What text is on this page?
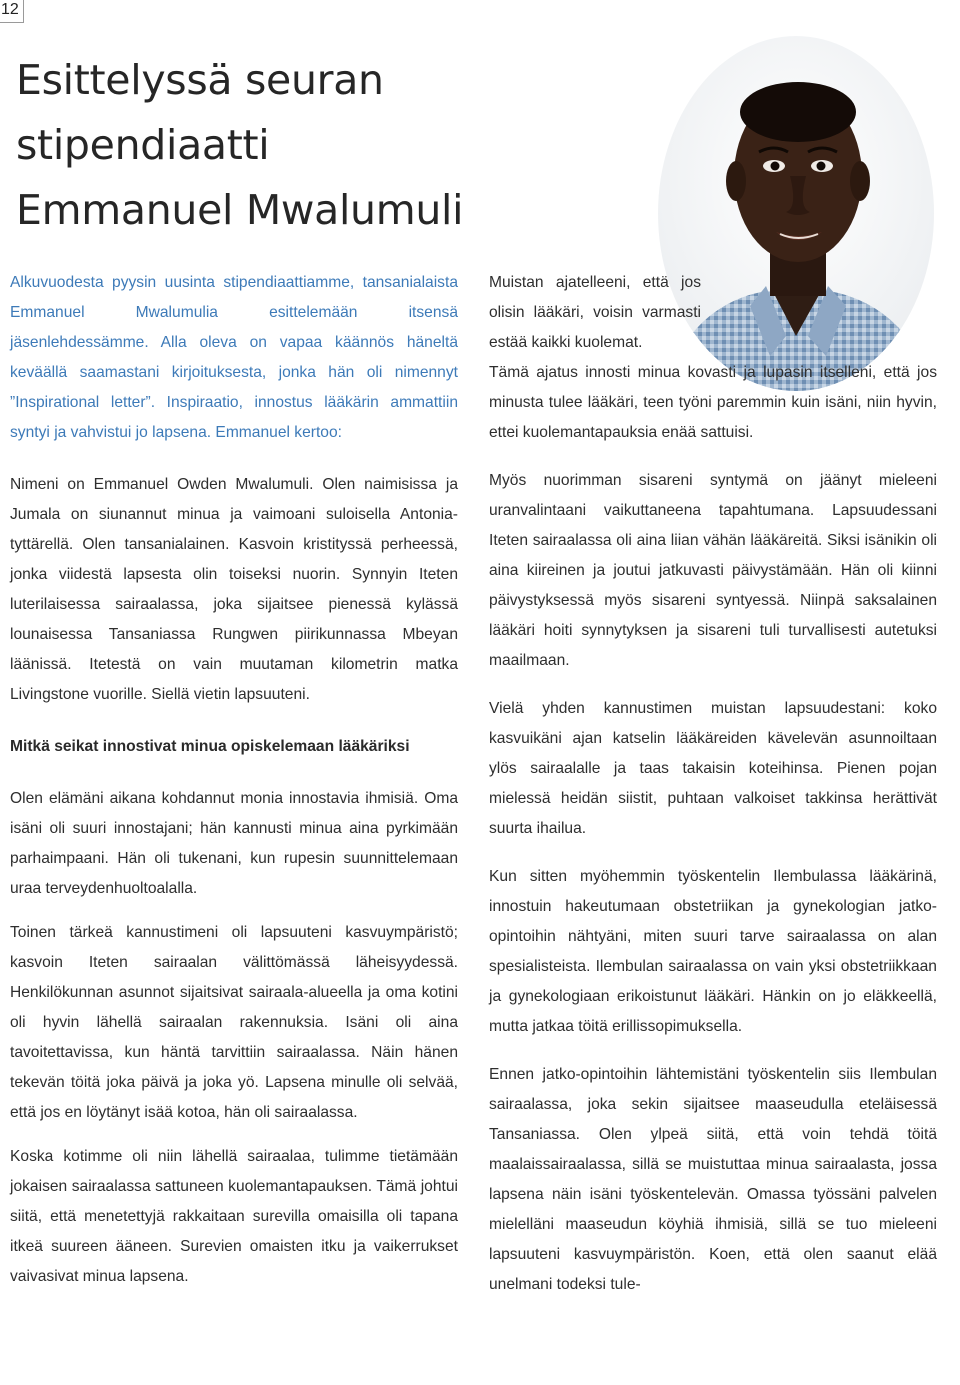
12
Esittelyssä seuran
stipendiaatti
Emmanuel Mwalumuli

Alkuvuodesta pyysin uusinta stipendiaattiamme, tansanialaista Emmanuel Mwalumulia esittelemään itsensä jäsenlehdessämme. Alla oleva on vapaa käännös häneltä keväällä saamastani kirjoituksesta, jonka hän oli nimennyt ”Inspirational letter”. Inspiraatio, innostus lääkärin ammattiin syntyi ja vahvistui jo lapsena. Emmanuel kertoo:

Nimeni on Emmanuel Owden Mwalumuli. Olen naimisissa ja Jumala on siunannut minua ja vaimoani suloisella Antonia-tyttärellä. Olen tansanialainen. Kasvoin kristityssä perheessä, jonka viidestä lapsesta olin toiseksi nuorin. Synnyin Iteten luterilaisessa sairaalassa, joka sijaitsee pienessä kylässä lounaisessa Tansaniassa Rungwen piirikunnassa Mbeyan läänissä. Itetestä on vain muutaman kilometrin matka Livingstone vuorille. Siellä vietin lapsuuteni.

Mitkä seikat innostivat minua opiskelemaan lääkäriksi

Olen elämäni aikana kohdannut monia innostavia ihmisiä. Oma isäni oli suuri innostajani; hän kannusti minua aina pyrkimään parhaimpaani. Hän oli tukenani, kun rupesin suunnittelemaan uraa terveydenhuoltoalalla.

Toinen tärkeä kannustimeni oli lapsuuteni kasvuympäristö; kasvoin Iteten sairaalan välittömässä läheisyydessä. Henkilökunnan asunnot sijaitsivat sairaala-alueella ja oma kotini oli hyvin lähellä sairaalan rakennuksia. Isäni oli aina tavoitettavissa, kun häntä tarvittiin sairaalassa. Näin hänen tekevän töitä joka päivä ja joka yö. Lapsena minulle oli selvää, että jos en löytänyt isää kotoa, hän oli sairaalassa.

Koska kotimme oli niin lähellä sairaalaa, tulimme tietämään jokaisen sairaalassa sattuneen kuolemantapauksen. Tämä johtui siitä, että menetettyjä rakkaitaan surevilla omaisilla oli tapana itkeä suureen ääneen. Surevien omaisten itku ja vaikerrukset vaivasivat minua lapsena.

Muistan ajatelleeni, että jos olisin lääkäri, voisin varmasti estää kaikki kuolemat.

Tämä ajatus innosti minua kovasti ja lupasin itselleni, että jos minusta tulee lääkäri, teen työni paremmin kuin isäni, niin hyvin, ettei kuolemantapauksia enää sattuisi.

Myös nuorimman sisareni syntymä on jäänyt mieleeni uranvalintaani vaikuttaneena tapahtumana. Lapsuudessani Iteten sairaalassa oli aina liian vähän lääkäreitä. Siksi isänikin oli aina kiireinen ja joutui jatkuvasti päivystämään. Hän oli kiinni päivystyksessä myös sisareni syntyessä. Niinpä saksalainen lääkäri hoiti synnytyksen ja sisareni tuli turvallisesti autetuksi maailmaan.

Vielä yhden kannustimen muistan lapsuudestani: koko kasvuikäni ajan katselin lääkäreiden kävelevän asunnoiltaan ylös sairaalalle ja taas takaisin koteihinsa. Pienen pojan mielessä heidän siistit, puhtaan valkoiset takkinsa herättivät suurta ihailua.

Kun sitten myöhemmin työskentelin Ilembulassa lääkärinä, innostuin hakeutumaan obstetriikan ja gynekologian jatko-opintoihin nähtyäni, miten suuri tarve sairaalassa on alan spesialisteista. Ilembulan sairaalassa on vain yksi obstetriikkaan ja gynekologiaan erikoistunut lääkäri. Hänkin on jo eläkkeellä, mutta jatkaa töitä erillissopimuksella.

Ennen jatko-opintoihin lähtemistäni työskentelin siis Ilembulan sairaalassa, joka sekin sijaitsee maaseudulla eteläisessä Tansaniassa. Olen ylpeä siitä, että voin tehdä töitä maalaissairaalassa, sillä se muistuttaa minua sairaalasta, jossa lapsena näin isäni työskentelevän. Omassa työssäni palvelen mielelläni maaseudun köyhiä ihmisiä, sillä se tuo mieleeni lapsuuteni kasvuympäristön. Koen, että olen saanut elää unelmani todeksi tule-
